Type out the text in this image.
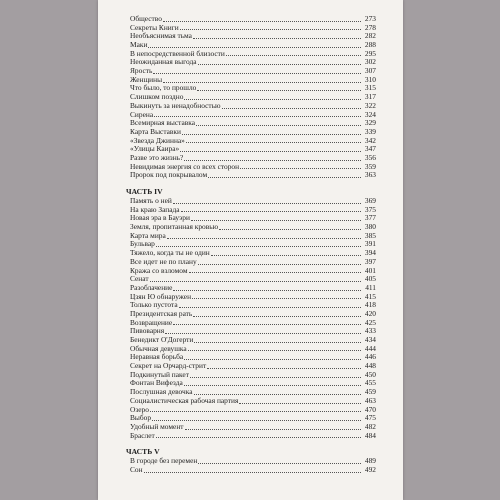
Общество	273
Секреты Книги	278
Необъяснимая тьма	282
Маки	288
В непосредственной близости	295
Неожиданная выгода	302
Ярость	307
Женщины	310
Что было, то прошло	315
Слишком поздно	317
Выкинуть за ненадобностью	322
Сирена	324
Всемирная выставка	329
Карта Выставки	339
«Звезда Джиннa»	342
«Улицы Каира»	347
Разве это жизнь?	356
Невидимая энергия со всех сторон	359
Пророк под покрывалом	363
ЧАСТЬ IV
Память о ней	369
На краю Запада	375
Новая эра в Бауэри	377
Земля, пропитанная кровью	380
Карта мира	385
Бульвар	391
Тяжело, когда ты не один	394
Все идет не по плану	397
Кража со взломом	401
Сенат	405
Разоблачение	411
Цзян Ю обнаружен	415
Только пустота	418
Президентская рать	420
Возвращение	425
Пивоварня	433
Бенедикт О'Догерти	434
Обычная девушка	444
Неравная борьба	446
Секрет на Орчард-стрит	448
Подкинутый пакет	450
Фонтан Вифезда	455
Послушная девочка	459
Социалистическая рабочая партия	463
Озеро	470
Выбор	475
Удобный момент	482
Браслет	484
ЧАСТЬ V
В городе без перемен	489
Сон	492
